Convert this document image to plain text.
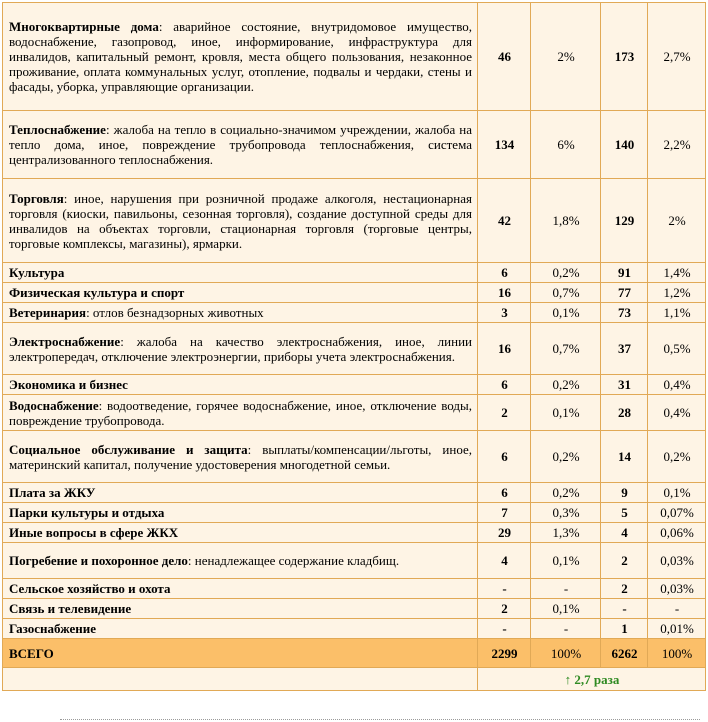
Многоквартирные дома: аварийное состояние, внутридомовое имущество, водоснабжение, газопровод, иное, информирование, инфраструктура для инвалидов, капитальный ремонт, кровля, места общего пользования, незаконное проживание, оплата коммунальных услуг, отопление, подвалы и чердаки, стены и фасады, уборка, управляющие организации.	46	2%	173	2,7%
Теплоснабжение: жалоба на тепло в социально-значимом учреждении, жалоба на тепло дома, иное, повреждение трубопровода теплоснабжения, система централизованного теплоснабжения.	134	6%	140	2,2%
Торговля: иное, нарушения при розничной продаже алкоголя, нестационарная торговля (киоски, павильоны, сезонная торговля), создание доступной среды для инвалидов на объектах торговли, стационарная торговля (торговые центры, торговые комплексы, магазины), ярмарки.	42	1,8%	129	2%
Культура	6	0,2%	91	1,4%
Физическая культура и спорт	16	0,7%	77	1,2%
Ветеринария: отлов безнадзорных животных	3	0,1%	73	1,1%
Электроснабжение: жалоба на качество электроснабжения, иное, линии электропередач, отключение электроэнергии, приборы учета электроснабжения.	16	0,7%	37	0,5%
Экономика и бизнес	6	0,2%	31	0,4%
Водоснабжение: водоотведение, горячее водоснабжение, иное, отключение воды, повреждение трубопровода.	2	0,1%	28	0,4%
Социальное обслуживание и защита: выплаты/компенсации/льготы, иное, материнский капитал, получение удостоверения многодетной семьи.	6	0,2%	14	0,2%
Плата за ЖКУ	6	0,2%	9	0,1%
Парки культуры и отдыха	7	0,3%	5	0,07%
Иные вопросы в сфере ЖКХ	29	1,3%	4	0,06%
Погребение и похоронное дело: ненадлежащее содержание кладбищ.	4	0,1%	2	0,03%
Сельское хозяйство и охота	-	-	2	0,03%
Связь и телевидение	2	0,1%	-	-
Газоснабжение	-	-	1	0,01%
ВСЕГО	2299	100%	6262	100%
	↑ 2,7 раза			
